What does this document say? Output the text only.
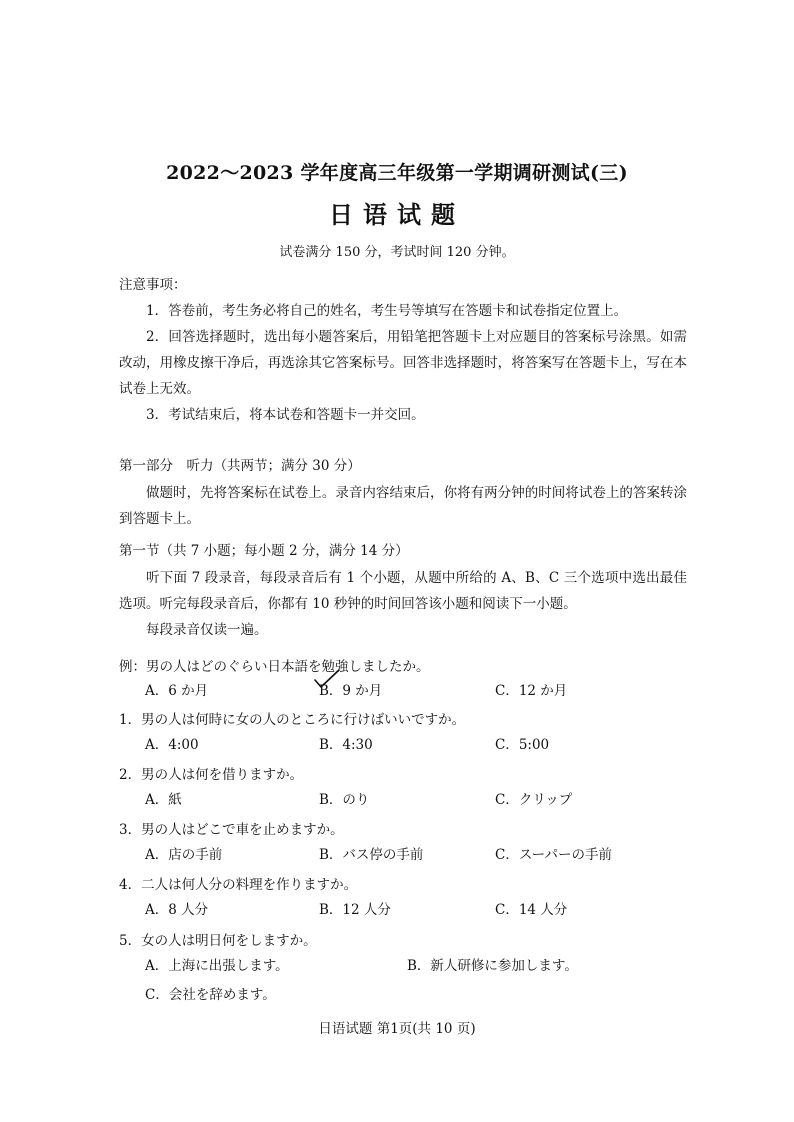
2022～2023 学年度高三年级第一学期调研测试(三)
日语试题
试卷满分 150 分，考试时间 120 分钟。
注意事项：
1．答卷前，考生务必将自己的姓名，考生号等填写在答题卡和试卷指定位置上。
2．回答选择题时，选出每小题答案后，用铅笔把答题卡上对应题目的答案标号涂黑。如需改动，用橡皮擦干净后，再选涂其它答案标号。回答非选择题时，将答案写在答题卡上，写在本试卷上无效。
3．考试结束后，将本试卷和答题卡一并交回。
第一部分　听力（共两节；满分 30 分）
做题时，先将答案标在试卷上。录音内容结束后，你将有两分钟的时间将试卷上的答案转涂到答题卡上。
第一节（共 7 小题；每小题 2 分，满分 14 分）
听下面 7 段录音，每段录音后有 1 个小题，从题中所给的 A、B、C 三个选项中选出最佳选项。听完每段录音后，你都有 10 秒钟的时间回答该小题和阅读下一小题。
每段录音仅读一遍。
例：男の人はどのぐらい日本語を勉強しましたか。
A．6 か月	B．9 か月	C．12 か月
1．男の人は何時に女の人のところに行けばいいですか。
A．4:00	B．4:30	C．5:00
2．男の人は何を借りますか。
A．紙	B．のり	C．クリップ
3．男の人はどこで車を止めますか。
A．店の手前	B．バス停の手前	C．スーパーの手前
4．二人は何人分の料理を作りますか。
A．8 人分	B．12 人分	C．14 人分
5．女の人は明日何をしますか。
A．上海に出張します。	B．新人研修に参加します。
C．会社を辞めます。
日语试题 第1页(共 10 页)
